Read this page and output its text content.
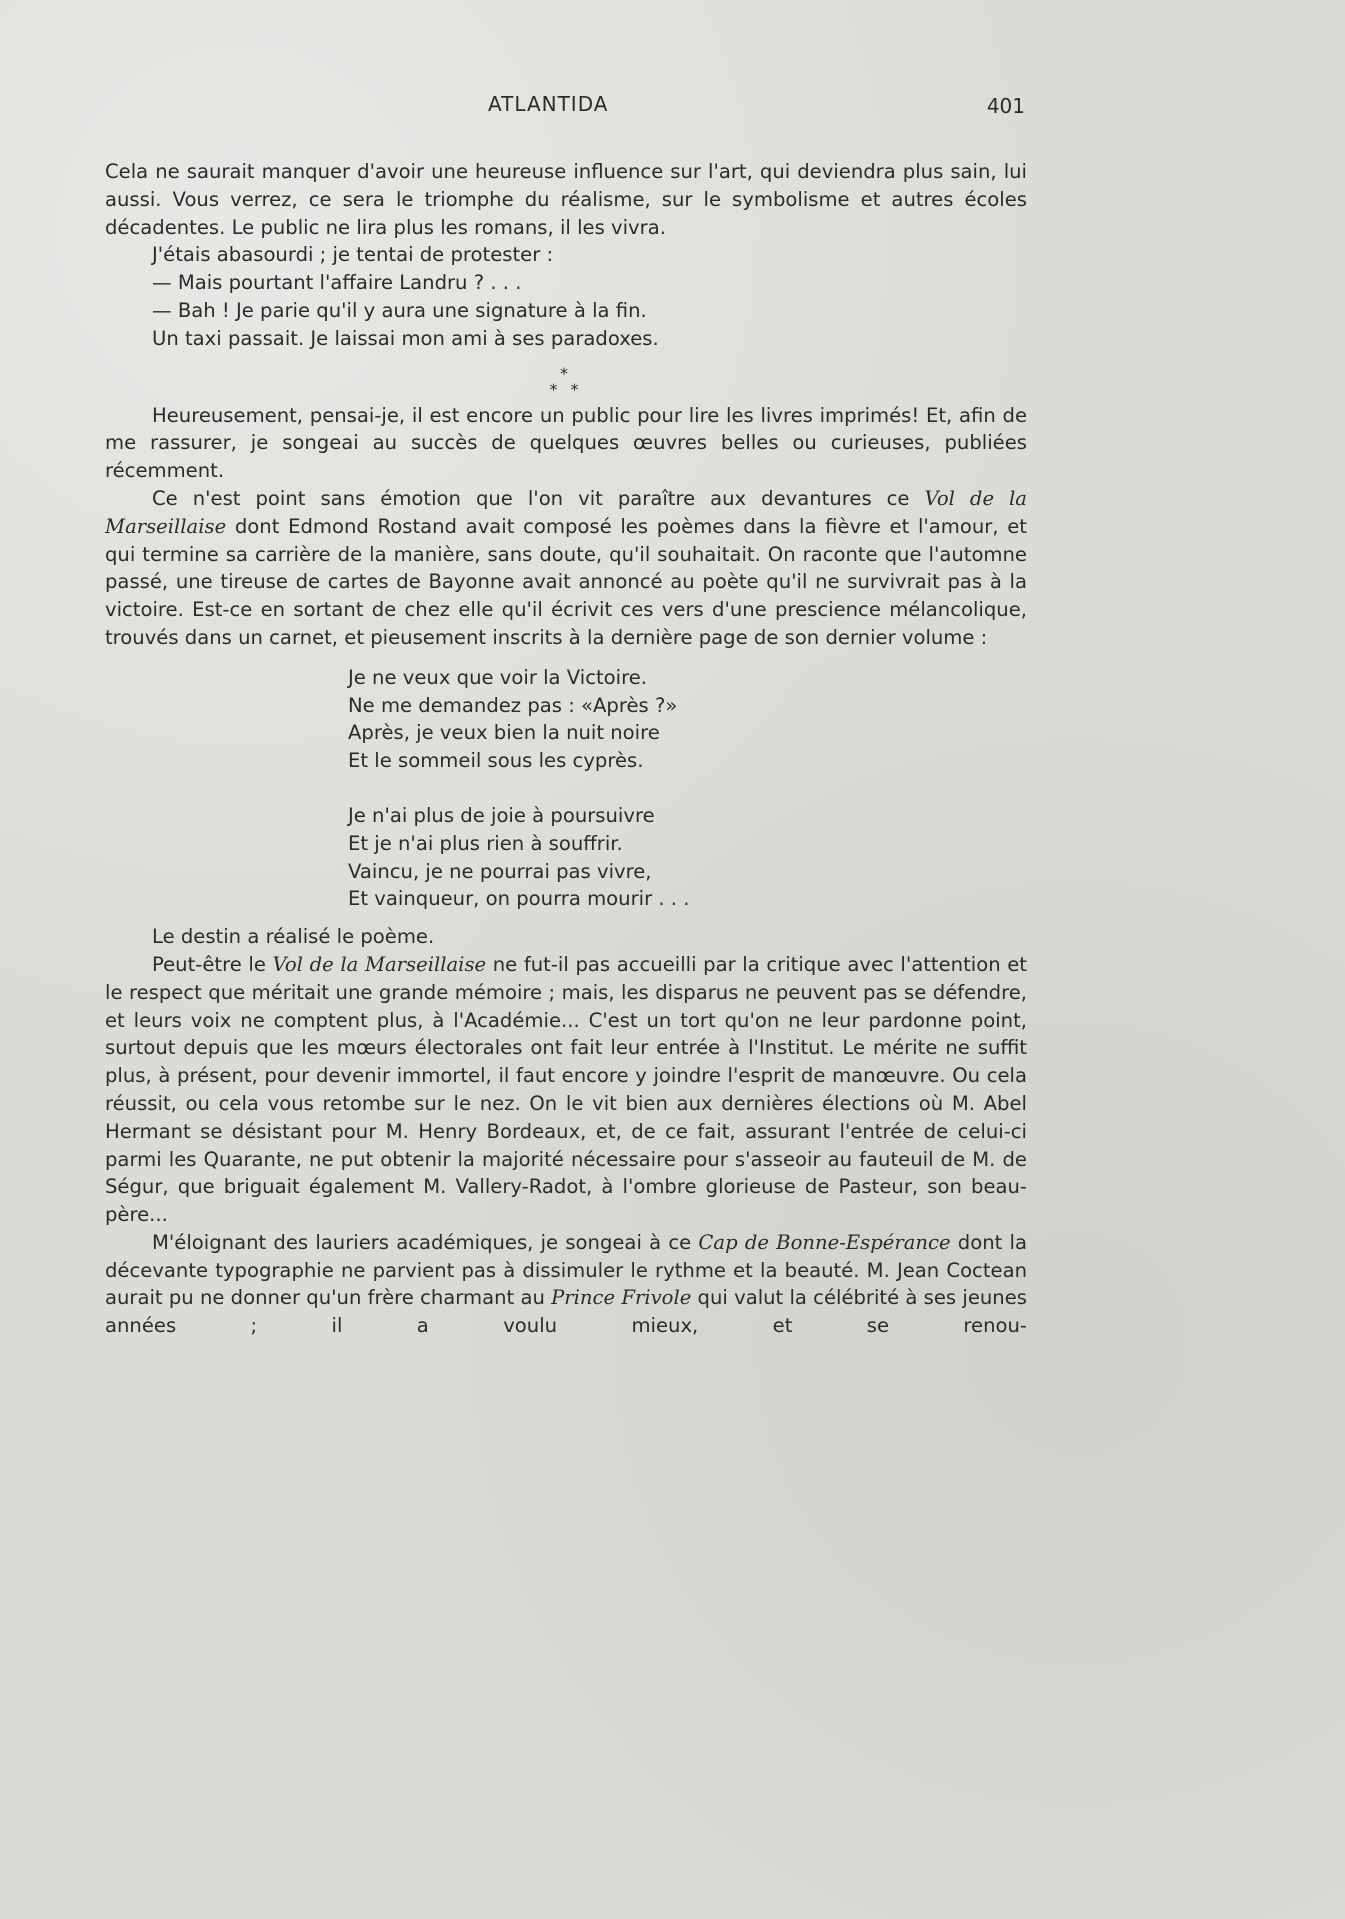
ATLANTIDA	401

Cela ne saurait manquer d'avoir une heureuse influence sur l'art, qui deviendra plus sain, lui aussi. Vous verrez, ce sera le triomphe du réalisme, sur le symbolisme et autres écoles décadentes. Le public ne lira plus les romans, il les vivra.

J'étais abasourdi ; je tentai de protester :

— Mais pourtant l'affaire Landru ? . . .

— Bah ! Je parie qu'il y aura une signature à la fin.

Un taxi passait. Je laissai mon ami à ses paradoxes.

*
* *

Heureusement, pensai-je, il est encore un public pour lire les livres imprimés! Et, afin de me rassurer, je songeai au succès de quelques œuvres belles ou curieuses, publiées récemment.

Ce n'est point sans émotion que l'on vit paraître aux devantures ce Vol de la Marseillaise dont Edmond Rostand avait composé les poèmes dans la fièvre et l'amour, et qui termine sa carrière de la manière, sans doute, qu'il souhaitait. On raconte que l'automne passé, une tireuse de cartes de Bayonne avait annoncé au poète qu'il ne survivrait pas à la victoire. Est-ce en sortant de chez elle qu'il écrivit ces vers d'une prescience mélancolique, trouvés dans un carnet, et pieusement inscrits à la dernière page de son dernier volume :

Je ne veux que voir la Victoire.
Ne me demandez pas : «Après ?»
Après, je veux bien la nuit noire
Et le sommeil sous les cyprès.
Je n'ai plus de joie à poursuivre
Et je n'ai plus rien à souffrir.
Vaincu, je ne pourrai pas vivre,
Et vainqueur, on pourra mourir . . .

Le destin a réalisé le poème.

Peut-être le Vol de la Marseillaise ne fut-il pas accueilli par la critique avec l'attention et le respect que méritait une grande mémoire ; mais, les disparus ne peuvent pas se défendre, et leurs voix ne comptent plus, à l'Académie... C'est un tort qu'on ne leur pardonne point, surtout depuis que les mœurs électorales ont fait leur entrée à l'Institut. Le mérite ne suffit plus, à présent, pour devenir immortel, il faut encore y joindre l'esprit de manœuvre. Ou cela réussit, ou cela vous retombe sur le nez. On le vit bien aux dernières élections où M. Abel Hermant se désistant pour M. Henry Bordeaux, et, de ce fait, assurant l'entrée de celui-ci parmi les Quarante, ne put obtenir la majorité nécessaire pour s'asseoir au fauteuil de M. de Ségur, que briguait également M. Vallery-Radot, à l'ombre glorieuse de Pasteur, son beau-père...

M'éloignant des lauriers académiques, je songeai à ce Cap de Bonne-Espérance dont la décevante typographie ne parvient pas à dissimuler le rythme et la beauté. M. Jean Coctean aurait pu ne donner qu'un frère charmant au Prince Frivole qui valut la célébrité à ses jeunes années ; il a voulu mieux, et se renou-
